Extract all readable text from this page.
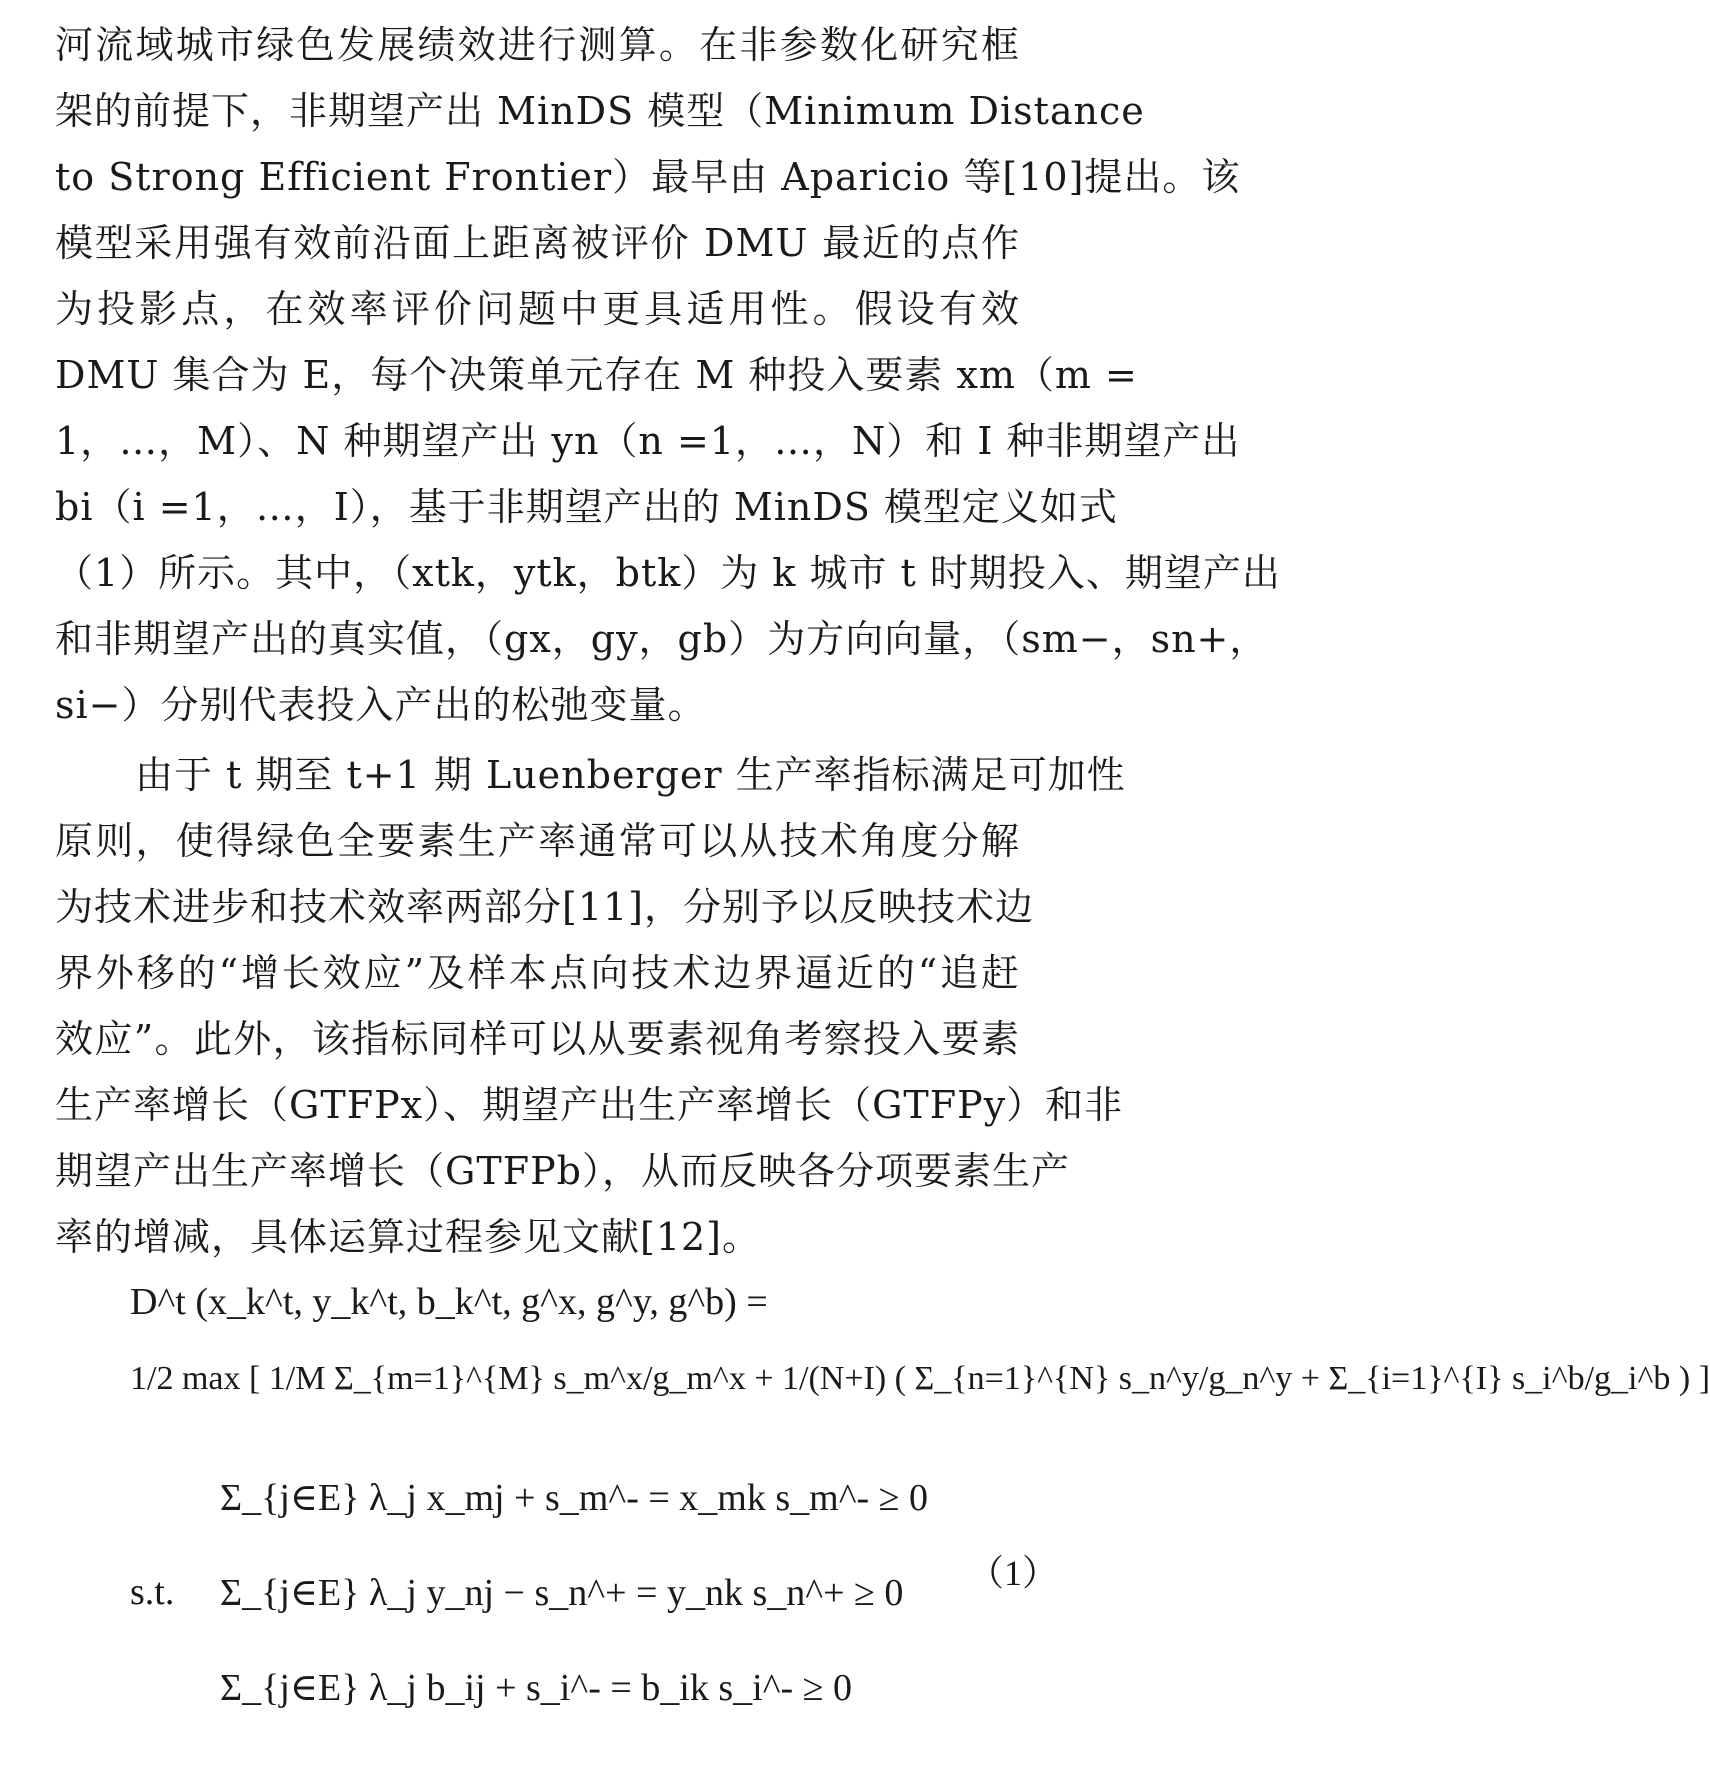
河流域城市绿色发展绩效进行测算。在非参数化研究框
架的前提下，非期望产出 MinDS 模型（Minimum Distance
to Strong Efficient Frontier）最早由 Aparicio 等[10]提出。该
模型采用强有效前沿面上距离被评价 DMU 最近的点作
为投影点，在效率评价问题中更具适用性。假设有效
DMU 集合为 E，每个决策单元存在 M 种投入要素 xm（m =
1，…，M）、N 种期望产出 yn（n =1，…，N）和 I 种非期望产出
bi（i =1，…，I），基于非期望产出的 MinDS 模型定义如式
（1）所示。其中，（xtk，ytk，btk）为 k 城市 t 时期投入、期望产出
和非期望产出的真实值，（gx，gy，gb）为方向向量，（sm−，sn+，
si−）分别代表投入产出的松弛变量。
由于 t 期至 t+1 期 Luenberger 生产率指标满足可加性
原则，使得绿色全要素生产率通常可以从技术角度分解
为技术进步和技术效率两部分[11]，分别予以反映技术边
界外移的“增长效应”及样本点向技术边界逼近的“追赶
效应”。此外，该指标同样可以从要素视角考察投入要素
生产率增长（GTFPx）、期望产出生产率增长（GTFPy）和非
期望产出生产率增长（GTFPb），从而反映各分项要素生产
率的增减，具体运算过程参见文献[12]。
D^t (x_k^t, y_k^t, b_k^t, g^x, g^y, g^b) =
1/2 max [ 1/M Σ_{m=1}^{M} s_m^x/g_m^x + 1/(N+I) ( Σ_{n=1}^{N} s_n^y/g_n^y + Σ_{i=1}^{I} s_i^b/g_i^b ) ]
s.t.
Σ_{j∈E} λ_j x_mj + s_m^- = x_mk s_m^- ≥ 0
Σ_{j∈E} λ_j y_nj − s_n^+ = y_nk s_n^+ ≥ 0
Σ_{j∈E} λ_j b_ij + s_i^- = b_ik s_i^- ≥ 0
（1）
